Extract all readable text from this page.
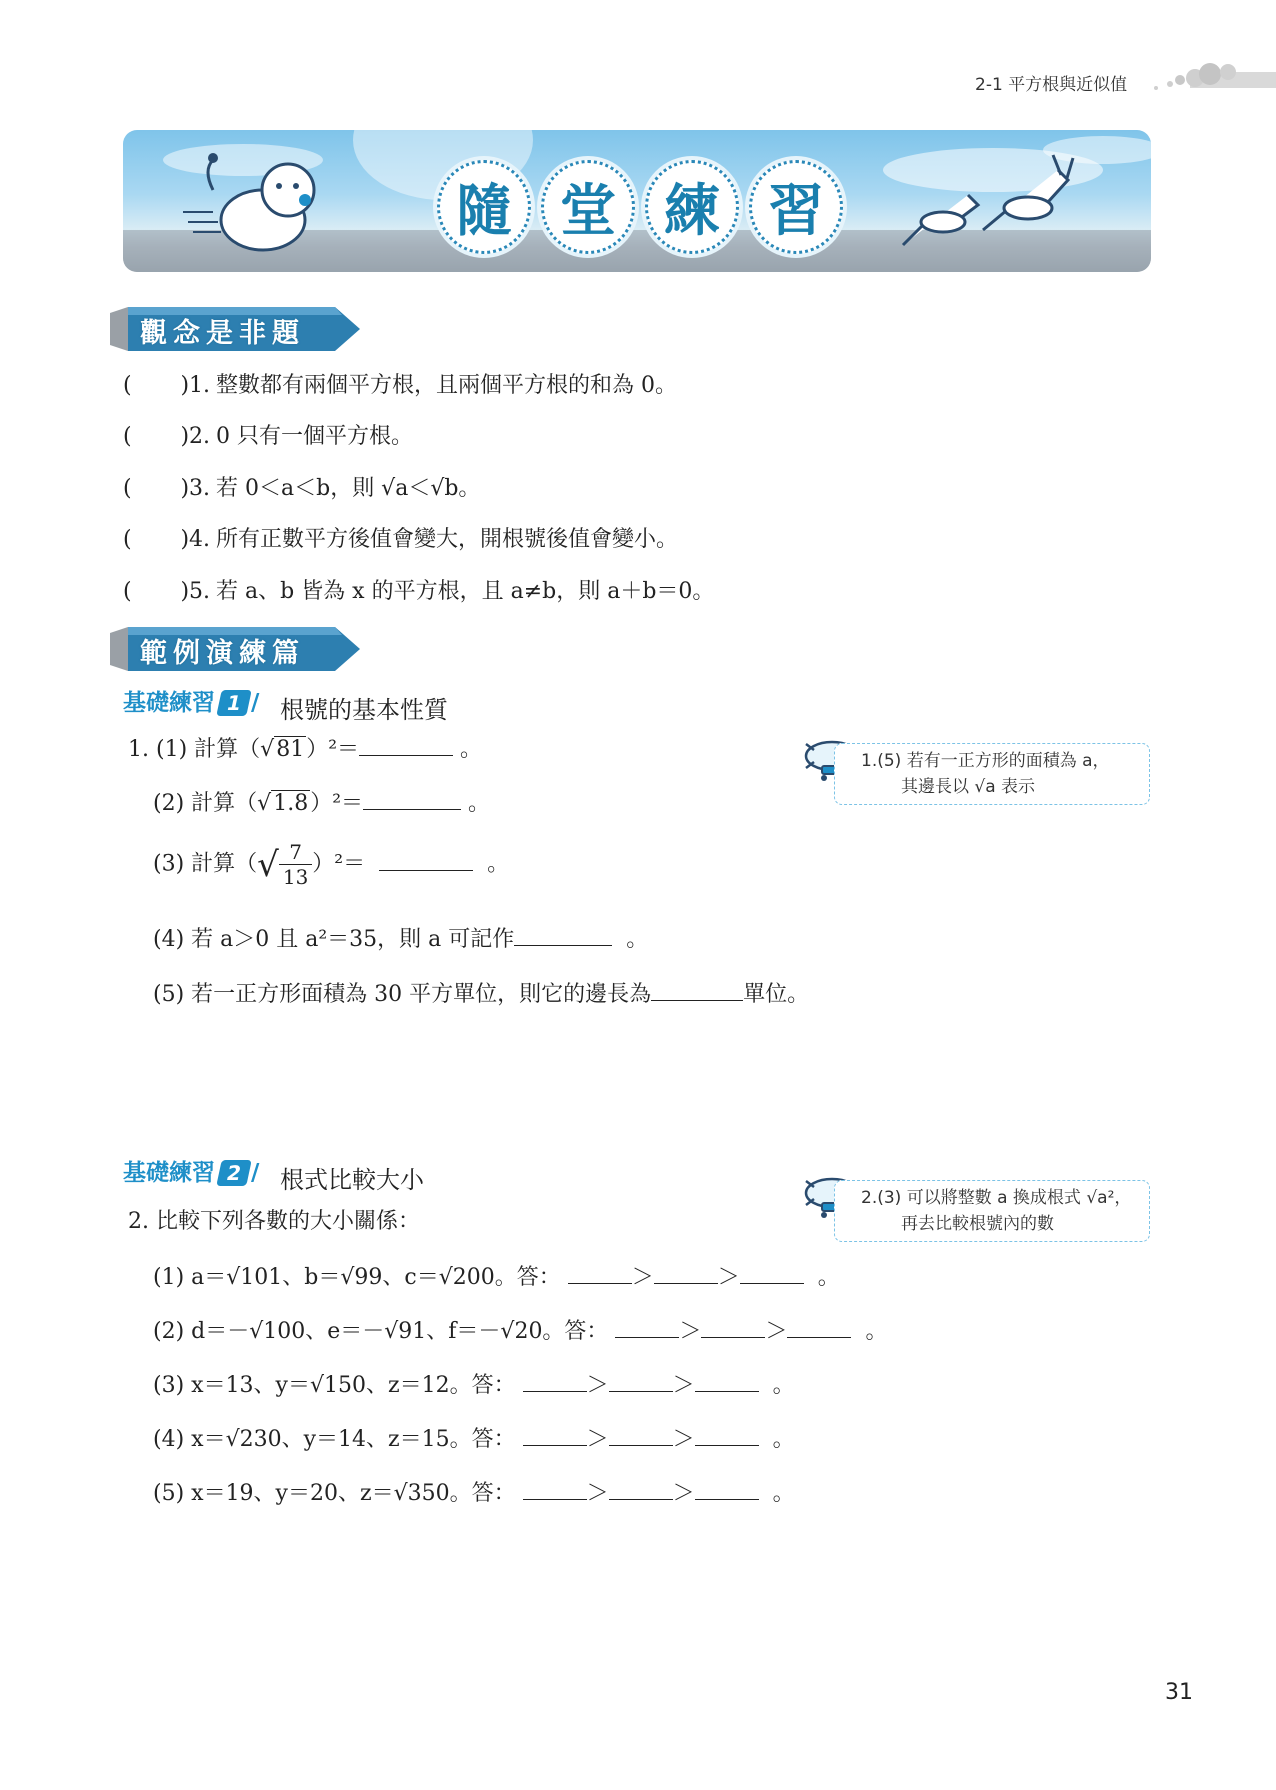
2-1 平方根與近似值
隨 堂 練 習
觀念是非題
(       )1. 整數都有兩個平方根，且兩個平方根的和為 0。
(       )2. 0 只有一個平方根。
(       )3. 若 0＜a＜b，則 √a＜√b。
(       )4. 所有正數平方後值會變大，開根號後值會變小。
(       )5. 若 a、b 皆為 x 的平方根，且 a≠b，則 a＋b＝0。
範例演練篇
基礎練習 1 / 根號的基本性質
1. (1) 計算（√81）²＝	。
(2) 計算（√1.8）²＝	。
(3) 計算（√ $\frac{7}{13} )^2=$	。
(4) 若 a＞0 且 a²＝35，則 a 可記作	。
(5) 若一正方形面積為 30 平方單位，則它的邊長為	單位。
1.(5) 若有一正方形的面積為 a，
其邊長以 √a 表示
基礎練習 2 / 根式比較大小
2. 比較下列各數的大小關係：
2.(3) 可以將整數 a 換成根式 √a²，
再去比較根號內的數
(1) a＝√101、b＝√99、c＝√200。答：	＞	＞	。
(2) d＝－√100、e＝－√91、f＝－√20。答：	＞	＞	。
(3) x＝13、y＝√150、z＝12。答：	＞	＞	。
(4) x＝√230、y＝14、z＝15。答：	＞	＞	。
(5) x＝19、y＝20、z＝√350。答：	＞	＞	。
31
